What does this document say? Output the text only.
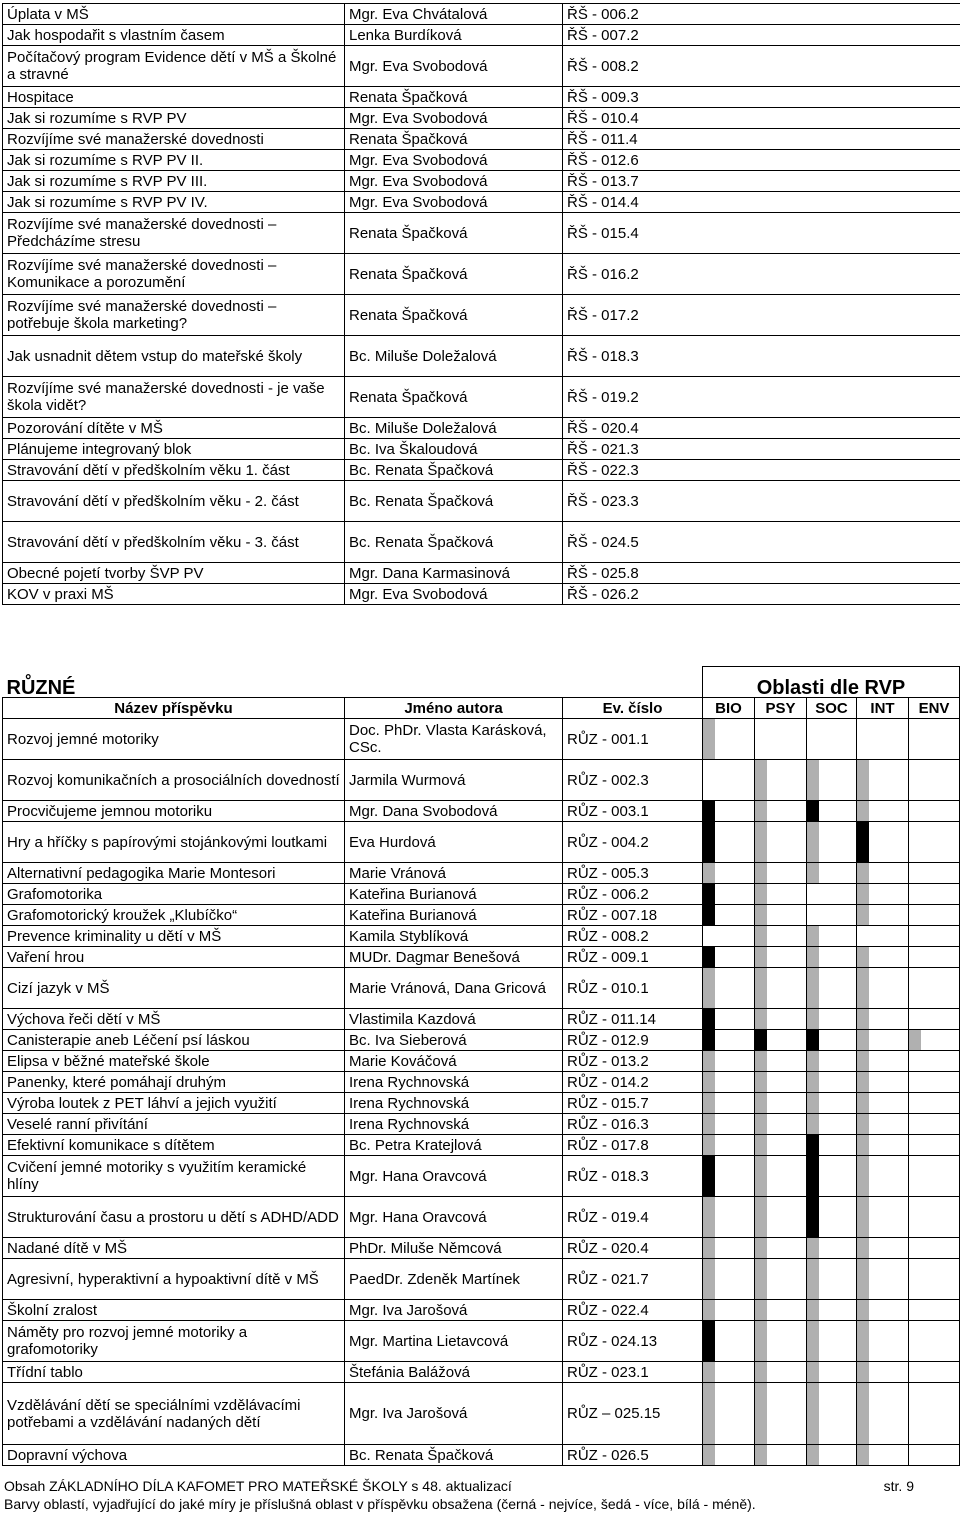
Úplata v MŠ	Mgr. Eva Chvátalová	ŘŠ - 006.2
Jak hospodařit s vlastním časem	Lenka Burdíková	ŘŠ - 007.2
Počítačový program Evidence dětí v MŠ a Školné a stravné	Mgr. Eva Svobodová	ŘŠ - 008.2
Hospitace	Renata Špačková	ŘŠ - 009.3
Jak si rozumíme s RVP PV	Mgr. Eva Svobodová	ŘŠ - 010.4
Rozvíjíme své manažerské dovednosti	Renata Špačková	ŘŠ - 011.4
Jak si rozumíme s RVP PV II.	Mgr. Eva Svobodová	ŘŠ - 012.6
Jak si rozumíme s RVP PV III.	Mgr. Eva Svobodová	ŘŠ - 013.7
Jak si rozumíme s RVP PV IV.	Mgr. Eva Svobodová	ŘŠ - 014.4
Rozvíjíme své manažerské dovednosti – Předcházíme stresu	Renata Špačková	ŘŠ - 015.4
Rozvíjíme své manažerské dovednosti – Komunikace a porozumění	Renata Špačková	ŘŠ - 016.2
Rozvíjíme své manažerské dovednosti – potřebuje škola marketing?	Renata Špačková	ŘŠ - 017.2
Jak usnadnit dětem vstup do mateřské školy	Bc. Miluše Doležalová	ŘŠ - 018.3
Rozvíjíme své manažerské dovednosti - je vaše škola vidět?	Renata Špačková	ŘŠ - 019.2
Pozorování dítěte v MŠ	Bc. Miluše Doležalová	ŘŠ - 020.4
Plánujeme integrovaný blok	Bc. Iva Škaloudová	ŘŠ - 021.3
Stravování dětí v předškolním věku 1. část	Bc. Renata Špačková	ŘŠ - 022.3
Stravování dětí v předškolním věku - 2. část	Bc. Renata Špačková	ŘŠ - 023.3
Stravování dětí v předškolním věku - 3. část	Bc. Renata Špačková	ŘŠ - 024.5
Obecné pojetí tvorby ŠVP PV	Mgr. Dana Karmasinová	ŘŠ - 025.8
KOV v praxi MŠ	Mgr. Eva Svobodová	ŘŠ - 026.2
RŮZNÉ			Oblasti dle RVP				
Název příspěvku	Jméno autora	Ev. číslo	BIO	PSY	SOC	INT	ENV
Rozvoj jemné motoriky	Doc. PhDr. Vlasta Karásková, CSc.	RŮZ - 001.1	

Rozvoj komunikačních a prosociálních dovedností	Jarmila Wurmová	RŮZ - 002.3		

Procvičujeme jemnou motoriku	Mgr. Dana Svobodová	RŮZ - 003.1	

Hry a hříčky s papírovými stojánkovými loutkami	Eva Hurdová	RŮZ - 004.2	

Alternativní pedagogika Marie Montesori	Marie Vránová	RŮZ - 005.3	

Grafomotorika	Kateřina Burianová	RŮZ - 006.2	

Grafomotorický kroužek „Klubíčko“	Kateřina Burianová	RŮZ - 007.18	

Prevence kriminality u dětí v MŠ	Kamila Styblíková	RŮZ - 008.2		

Vaření hrou	MUDr. Dagmar Benešová	RŮZ - 009.1	

Cizí jazyk v MŠ	Marie Vránová, Dana Gricová	RŮZ - 010.1	

Výchova řeči dětí v MŠ	Vlastimila Kazdová	RŮZ - 011.14	

Canisterapie aneb Léčení psí láskou	Bc. Iva Sieberová	RŮZ - 012.9	

Elipsa v běžné mateřské škole	Marie Kováčová	RŮZ - 013.2	

Panenky, které pomáhají druhým	Irena Rychnovská	RŮZ - 014.2	

Výroba loutek z PET láhví a jejich využití	Irena Rychnovská	RŮZ - 015.7	

Veselé ranní přivítání	Irena Rychnovská	RŮZ - 016.3	

Efektivní komunikace s dítětem	Bc. Petra Kratejlová	RŮZ - 017.8	

Cvičení jemné motoriky s využitím keramické hlíny	Mgr. Hana Oravcová	RŮZ - 018.3	

Strukturování času a prostoru u dětí s ADHD/ADD	Mgr. Hana Oravcová	RŮZ - 019.4	

Nadané dítě v MŠ	PhDr. Miluše Němcová	RŮZ - 020.4	

Agresivní, hyperaktivní a hypoaktivní dítě v MŠ	PaedDr. Zdeněk Martínek	RŮZ - 021.7	

Školní zralost	Mgr. Iva Jarošová	RŮZ - 022.4	

Náměty pro rozvoj jemné motoriky a grafomotoriky	Mgr. Martina Lietavcová	RŮZ - 024.13	

Třídní tablo	Štefánia Balážová	RŮZ - 023.1	

Vzdělávání dětí se speciálními vzdělávacími potřebami a vzdělávání nadaných dětí	Mgr. Iva Jarošová	RŮZ – 025.15	

Dopravní výchova	Bc. Renata Špačková	RŮZ - 026.5	

Obsah ZÁKLADNÍHO DÍLA KAFOMET PRO MATEŘSKÉ ŠKOLY s 48. aktualizací	str. 9
Barvy oblastí, vyjadřující do jaké míry je příslušná oblast v příspěvku obsažena (černá - nejvíce, šedá - více, bílá - méně).
